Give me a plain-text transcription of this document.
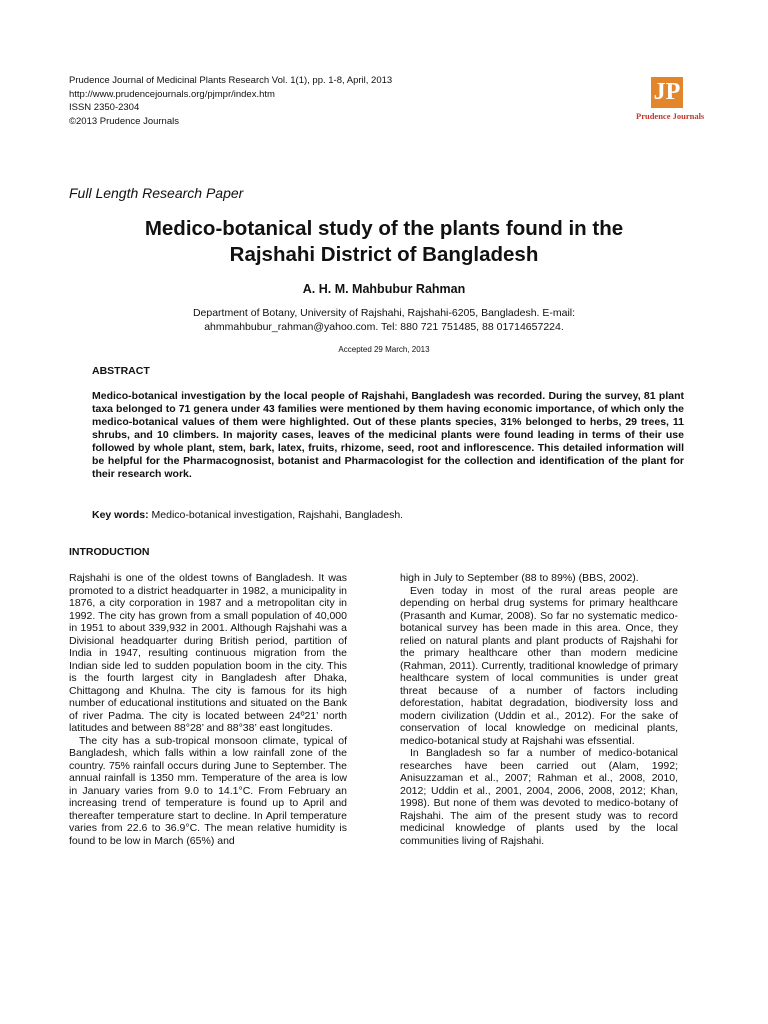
Prudence Journal of Medicinal Plants Research Vol. 1(1), pp. 1-8, April, 2013
http://www.prudencejournals.org/pjmpr/index.htm
ISSN 2350-2304
©2013 Prudence Journals
JP
Prudence Journals
Full Length Research Paper
Medico-botanical study of the plants found in the
Rajshahi District of Bangladesh
A. H. M. Mahbubur Rahman
Department of Botany, University of Rajshahi, Rajshahi-6205, Bangladesh. E-mail:
ahmmahbubur_rahman@yahoo.com. Tel: 880 721 751485, 88 01714657224.
Accepted 29 March, 2013
ABSTRACT
Medico-botanical investigation by the local people of Rajshahi, Bangladesh was recorded. During the survey, 81 plant taxa belonged to 71 genera under 43 families were mentioned by them having economic importance, of which only the medico-botanical values of them were highlighted. Out of these plants species, 31% belonged to herbs, 29 trees, 11 shrubs, and 10 climbers. In majority cases, leaves of the medicinal plants were found leading in terms of their use followed by whole plant, stem, bark, latex, fruits, rhizome, seed, root and inflorescence. This detailed information will be helpful for the Pharmacognosist, botanist and Pharmacologist for the collection and identification of the plant for their research work.
Key words: Medico-botanical investigation, Rajshahi, Bangladesh.
INTRODUCTION

Rajshahi is one of the oldest towns of Bangladesh. It was promoted to a district headquarter in 1982, a municipality in 1876, a city corporation in 1987 and a metropolitan city in 1992. The city has grown from a small population of 40,000 in 1951 to about 339,932 in 2001. Although Rajshahi was a Divisional headquarter during British period, partition of India in 1947, resulting continuous migration from the Indian side led to sudden population boom in the city. This is the fourth largest city in Bangladesh after Dhaka, Chittagong and Khulna. The city is famous for its high number of educational institutions and situated on the Bank of river Padma. The city is located between 24º21’ north latitudes and between 88°28’ and 88°38’ east longitudes.

The city has a sub-tropical monsoon climate, typical of Bangladesh, which falls within a low rainfall zone of the country. 75% rainfall occurs during June to September. The annual rainfall is 1350 mm. Temperature of the area is low in January varies from 9.0 to 14.1°C. From February an increasing trend of temperature is found up to April and thereafter temperature start to decline. In April temperature varies from 22.6 to 36.9°C. The mean relative humidity is found to be low in March (65%) and

high in July to September (88 to 89%) (BBS, 2002).

Even today in most of the rural areas people are depending on herbal drug systems for primary healthcare (Prasanth and Kumar, 2008). So far no systematic medico-botanical survey has been made in this area. Once, they relied on natural plants and plant products of Rajshahi for the primary healthcare other than modern medicine (Rahman, 2011). Currently, traditional knowledge of primary healthcare system of local communities is under great threat because of a number of factors including deforestation, habitat degradation, biodiversity loss and modern civilization (Uddin et al., 2012). For the sake of conservation of local knowledge on medicinal plants, medico-botanical study at Rajshahi was efssential.

In Bangladesh so far a number of medico-botanical researches have been carried out (Alam, 1992; Anisuzzaman et al., 2007; Rahman et al., 2008, 2010, 2012; Uddin et al., 2001, 2004, 2006, 2008, 2012; Khan, 1998). But none of them was devoted to medico-botany of Rajshahi. The aim of the present study was to record medicinal knowledge of plants used by the local communities living of Rajshahi.
